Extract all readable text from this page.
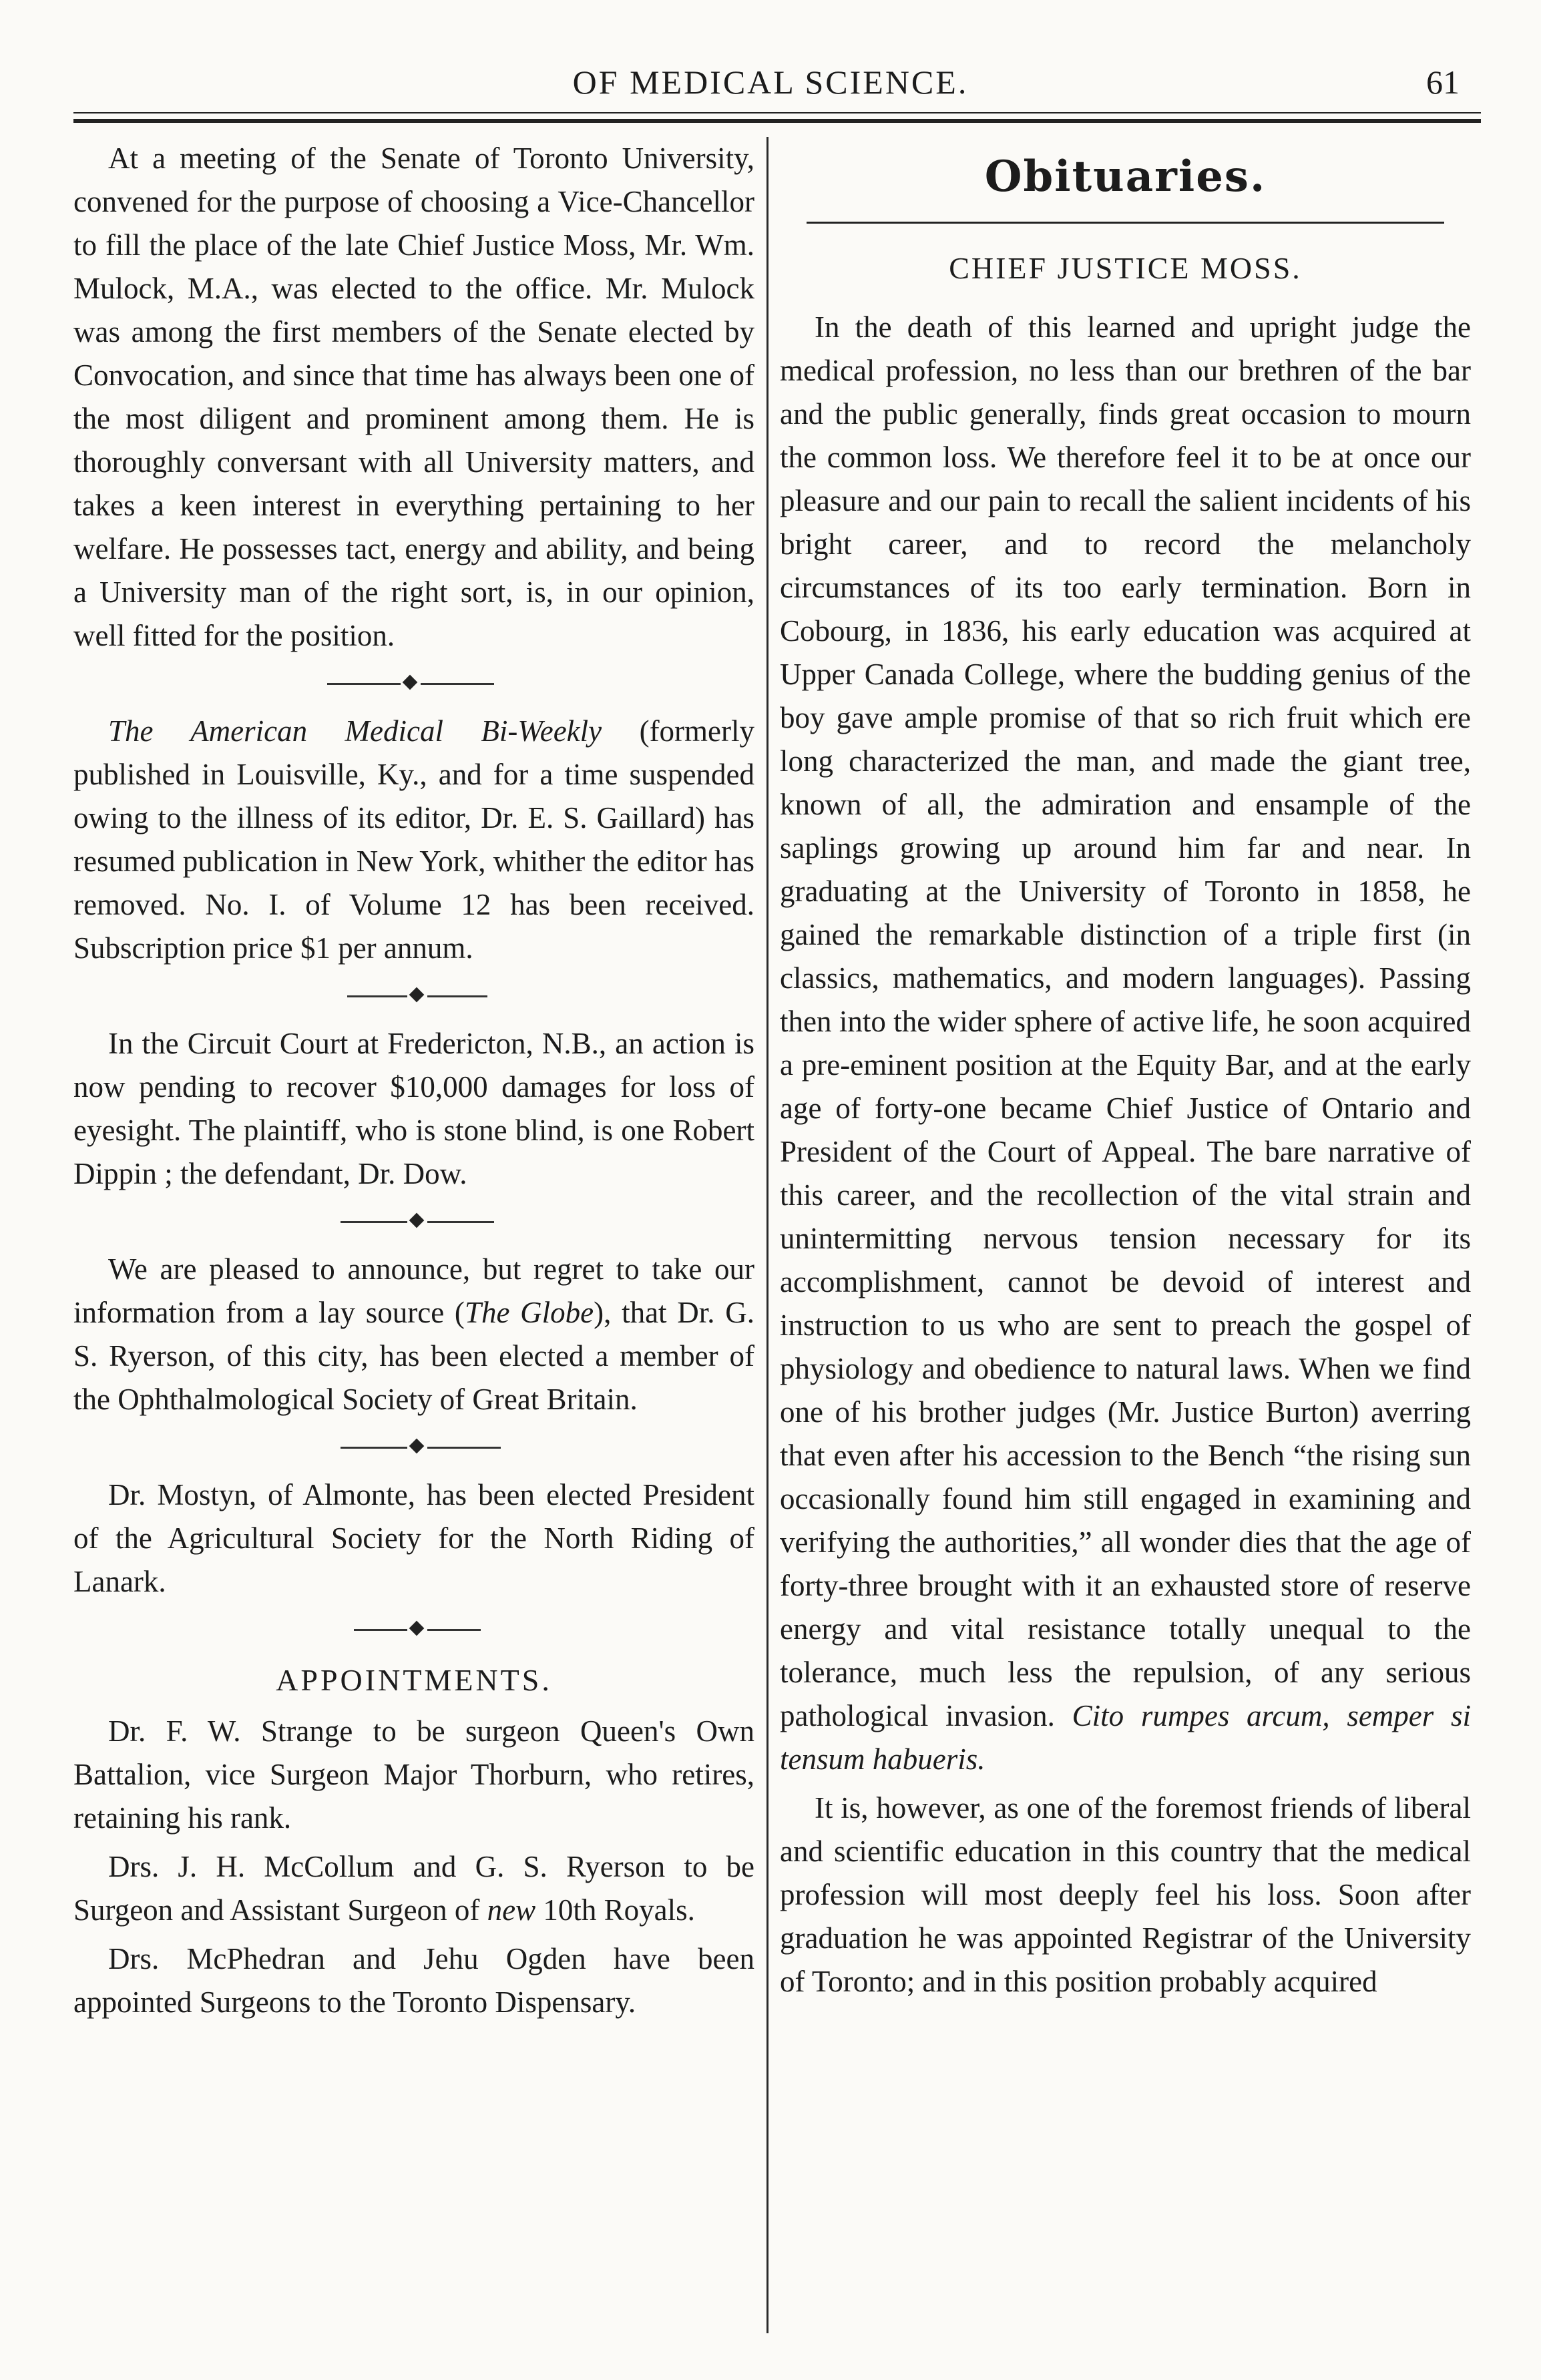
OF MEDICAL SCIENCE.	61

At a meeting of the Senate of Toronto University, convened for the purpose of choosing a Vice-Chancellor to fill the place of the late Chief Justice Moss, Mr. Wm. Mulock, M.A., was elected to the office. Mr. Mulock was among the first members of the Senate elected by Convocation, and since that time has always been one of the most diligent and prominent among them. He is thoroughly conversant with all University matters, and takes a keen interest in everything pertaining to her welfare. He possesses tact, energy and ability, and being a University man of the right sort, is, in our opinion, well fitted for the position.

The American Medical Bi-Weekly (formerly published in Louisville, Ky., and for a time suspended owing to the illness of its editor, Dr. E. S. Gaillard) has resumed publication in New York, whither the editor has removed. No. I. of Volume 12 has been received. Subscription price $1 per annum.

In the Circuit Court at Fredericton, N.B., an action is now pending to recover $10,000 damages for loss of eyesight. The plaintiff, who is stone blind, is one Robert Dippin ; the defendant, Dr. Dow.

We are pleased to announce, but regret to take our information from a lay source (The Globe), that Dr. G. S. Ryerson, of this city, has been elected a member of the Ophthalmological Society of Great Britain.

Dr. Mostyn, of Almonte, has been elected President of the Agricultural Society for the North Riding of Lanark.

APPOINTMENTS.

Dr. F. W. Strange to be surgeon Queen's Own Battalion, vice Surgeon Major Thorburn, who retires, retaining his rank.

Drs. J. H. McCollum and G. S. Ryerson to be Surgeon and Assistant Surgeon of new 10th Royals.

Drs. McPhedran and Jehu Ogden have been appointed Surgeons to the Toronto Dispensary.

Obituaries.
CHIEF JUSTICE MOSS.

In the death of this learned and upright judge the medical profession, no less than our brethren of the bar and the public generally, finds great occasion to mourn the common loss. We therefore feel it to be at once our pleasure and our pain to recall the salient incidents of his bright career, and to record the melancholy circumstances of its too early termination. Born in Cobourg, in 1836, his early education was acquired at Upper Canada College, where the budding genius of the boy gave ample promise of that so rich fruit which ere long characterized the man, and made the giant tree, known of all, the admiration and ensample of the saplings growing up around him far and near. In graduating at the University of Toronto in 1858, he gained the remarkable distinction of a triple first (in classics, mathematics, and modern languages). Passing then into the wider sphere of active life, he soon acquired a pre-eminent position at the Equity Bar, and at the early age of forty-one became Chief Justice of Ontario and President of the Court of Appeal. The bare narrative of this career, and the recollection of the vital strain and unintermitting nervous tension necessary for its accomplishment, cannot be devoid of interest and instruction to us who are sent to preach the gospel of physiology and obedience to natural laws. When we find one of his brother judges (Mr. Justice Burton) averring that even after his accession to the Bench “the rising sun occasionally found him still engaged in examining and verifying the authorities,” all wonder dies that the age of forty-three brought with it an exhausted store of reserve energy and vital resistance totally unequal to the tolerance, much less the repulsion, of any serious pathological invasion. Cito rumpes arcum, semper si tensum habueris.

It is, however, as one of the foremost friends of liberal and scientific education in this country that the medical profession will most deeply feel his loss. Soon after graduation he was appointed Registrar of the University of Toronto; and in this position probably acquired
